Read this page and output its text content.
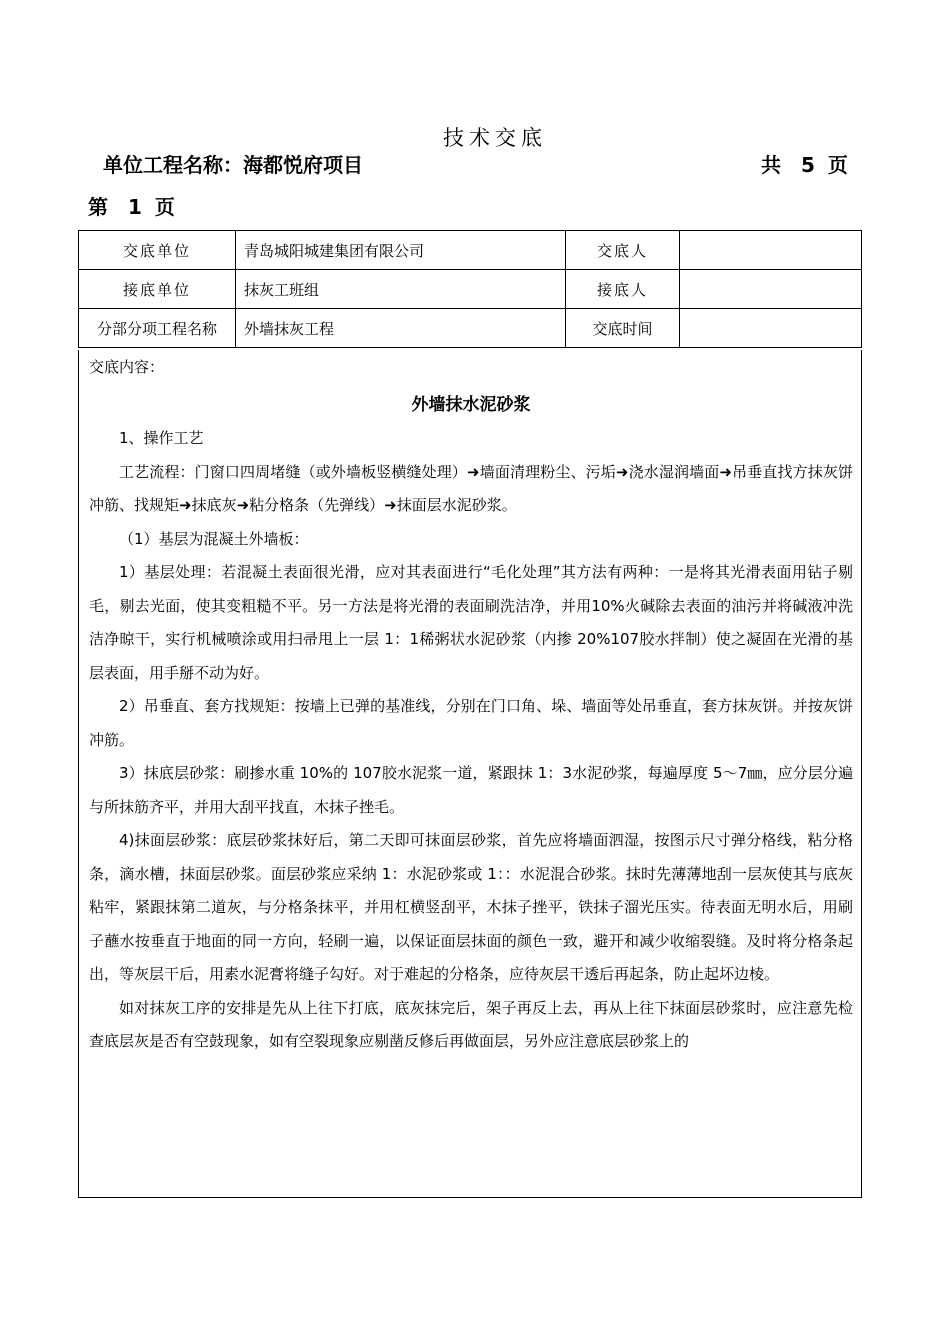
技术交底
单位工程名称：海都悦府项目	共　5 页
第　1 页
交底单位	青岛城阳城建集团有限公司	交底人	
接底单位	抹灰工班组	接底人	
分部分项工程名称	外墙抹灰工程	交底时间	
交底内容：
外墙抹水泥砂浆

1、操作工艺

工艺流程：门窗口四周堵缝（或外墙板竖横缝处理）➜墙面清理粉尘、污垢➜浇水湿润墙面➜吊垂直找方抹灰饼冲筋、找规矩➜抹底灰➜粘分格条（先弹线）➜抹面层水泥砂浆。

（1）基层为混凝土外墙板：

1）基层处理：若混凝土表面很光滑，应对其表面进行“毛化处理”其方法有两种：一是将其光滑表面用钻子剔毛，剔去光面，使其变粗糙不平。另一方法是将光滑的表面刷洗洁净，并用10%火碱除去表面的油污并将碱液冲洗洁净晾干，实行机械喷涂或用扫帚甩上一层 1：1稀粥状水泥砂浆（内掺 20%107胶水拌制）使之凝固在光滑的基层表面，用手掰不动为好。

2）吊垂直、套方找规矩：按墙上已弹的基准线，分别在门口角、垛、墙面等处吊垂直，套方抹灰饼。并按灰饼冲筋。

3）抹底层砂浆：刷掺水重 10%的 107胶水泥浆一道，紧跟抹 1：3水泥砂浆，每遍厚度 5～7㎜，应分层分遍与所抹筋齐平，并用大刮平找直，木抹子挫毛。

4)抹面层砂浆：底层砂浆抹好后，第二天即可抹面层砂浆，首先应将墙面泗湿，按图示尺寸弹分格线，粘分格条，滴水槽，抹面层砂浆。面层砂浆应采纳 1：水泥砂浆或 1：：水泥混合砂浆。抹时先薄薄地刮一层灰使其与底灰粘牢，紧跟抹第二道灰，与分格条抹平，并用杠横竖刮平，木抹子挫平，铁抹子溜光压实。待表面无明水后，用刷子蘸水按垂直于地面的同一方向，轻刷一遍，以保证面层抹面的颜色一致，避开和减少收缩裂缝。及时将分格条起出，等灰层干后，用素水泥膏将缝子勾好。对于难起的分格条，应待灰层干透后再起条，防止起坏边棱。

如对抹灰工序的安排是先从上往下打底，底灰抹完后，架子再反上去，再从上往下抹面层砂浆时，应注意先检查底层灰是否有空鼓现象，如有空裂现象应剔凿反修后再做面层，另外应注意底层砂浆上的
